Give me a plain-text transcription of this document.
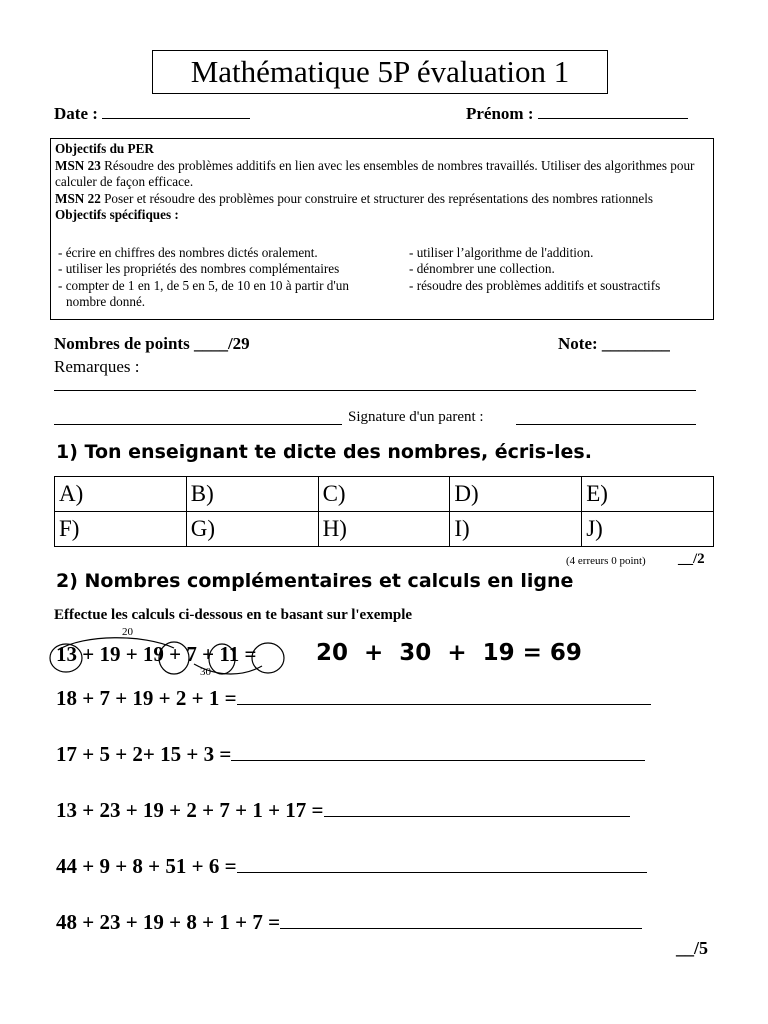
Mathématique 5P évaluation 1
Date :	Prénom :

Objectifs du PER

MSN 23 Résoudre des problèmes additifs en lien avec les ensembles de nombres travaillés. Utiliser des algorithmes pour calculer de façon efficace.

MSN 22 Poser et résoudre des problèmes pour construire et structurer des représentations des nombres rationnels

Objectifs spécifiques :

- écrire en chiffres des nombres dictés oralement.
- utiliser les propriétés des nombres complémentaires
- compter de 1 en 1, de 5 en 5, de 10 en 10 à partir d'un
nombre donné.
- utiliser l’algorithme de l'addition.
- dénombrer une collection.
- résoudre des problèmes additifs et soustractifs
Nombres de points ____/29	Note: ________
Remarques :
Signature d'un parent :
1) Ton enseignant te dicte des nombres, écris-les.
A)	B)	C)	D)	E)
F)	G)	H)	I)	J)
(4 erreurs 0 point) __/2
2) Nombres complémentaires et calculs en ligne
Effectue les calculs ci-dessous en te basant sur l'exemple
13 + 19 + 19 + 7 + 11 =	20  +  30  +  19 = 69
20
30
18 + 7 + 19 + 2 + 1 =
17 + 5 + 2+ 15 + 3 =
13 + 23 + 19 + 2 + 7 + 1 + 17 =
44 + 9 + 8 + 51 + 6 =
48 + 23 + 19 + 8 + 1 + 7 =
__/5
